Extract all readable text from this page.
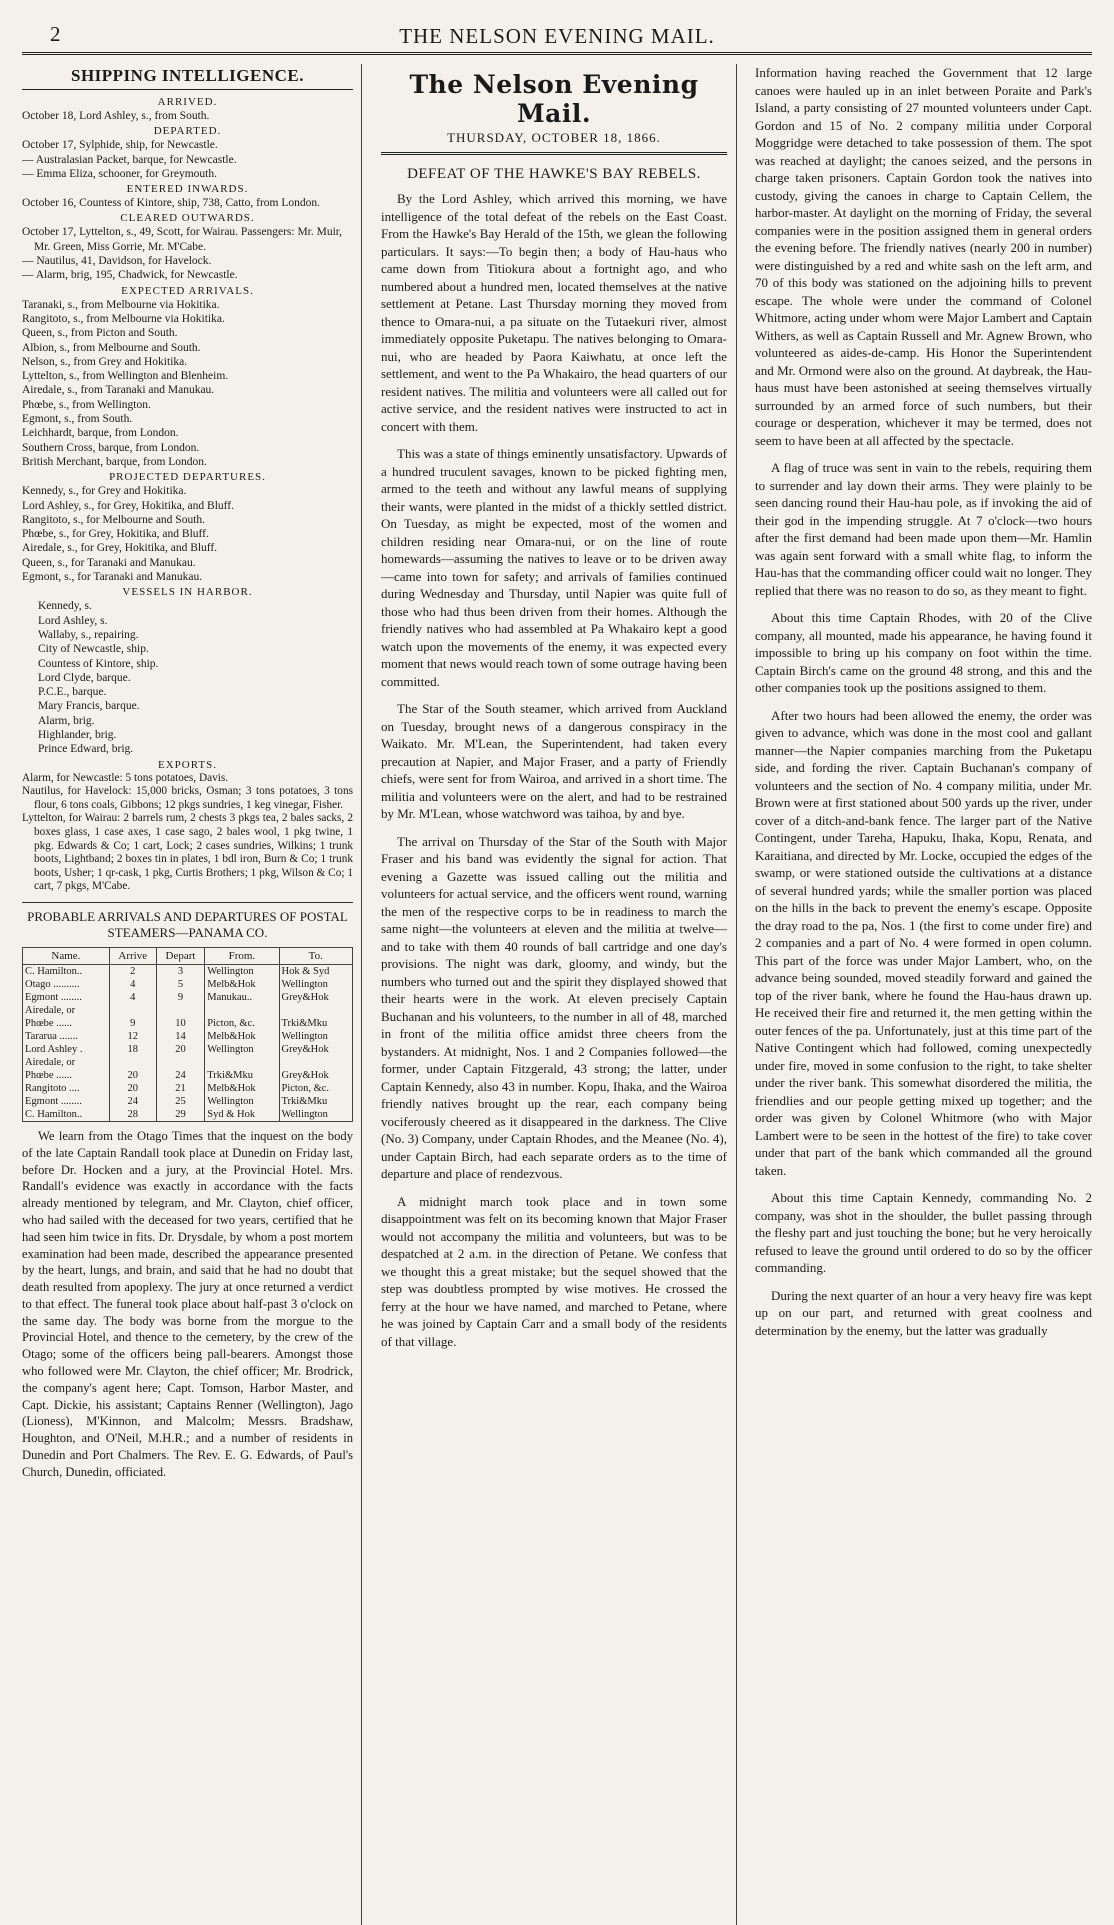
2	THE NELSON EVENING MAIL.
SHIPPING INTELLIGENCE.
ARRIVED.
October 18, Lord Ashley, s., from South.
DEPARTED.
October 17, Sylphide, ship, for Newcastle.
— Australasian Packet, barque, for Newcastle.
— Emma Eliza, schooner, for Greymouth.
ENTERED INWARDS.
October 16, Countess of Kintore, ship, 738, Catto, from London.
CLEARED OUTWARDS.
October 17, Lyttelton, s., 49, Scott, for Wairau. Passengers: Mr. Muir, Mr. Green, Miss Gorrie, Mr. M'Cabe.
— Nautilus, 41, Davidson, for Havelock.
— Alarm, brig, 195, Chadwick, for Newcastle.
EXPECTED ARRIVALS.
Taranaki, s., from Melbourne via Hokitika.
Rangitoto, s., from Melbourne via Hokitika.
Queen, s., from Picton and South.
Albion, s., from Melbourne and South.
Nelson, s., from Grey and Hokitika.
Lyttelton, s., from Wellington and Blenheim.
Airedale, s., from Taranaki and Manukau.
Phœbe, s., from Wellington.
Egmont, s., from South.
Leichhardt, barque, from London.
Southern Cross, barque, from London.
British Merchant, barque, from London.
PROJECTED DEPARTURES.
Kennedy, s., for Grey and Hokitika.
Lord Ashley, s., for Grey, Hokitika, and Bluff.
Rangitoto, s., for Melbourne and South.
Phœbe, s., for Grey, Hokitika, and Bluff.
Airedale, s., for Grey, Hokitika, and Bluff.
Queen, s., for Taranaki and Manukau.
Egmont, s., for Taranaki and Manukau.
VESSELS IN HARBOR.
Kennedy, s.
Lord Ashley, s.
Wallaby, s., repairing.
City of Newcastle, ship.
Countess of Kintore, ship.
Lord Clyde, barque.
P.C.E., barque.
Mary Francis, barque.
Alarm, brig.
Highlander, brig.
Prince Edward, brig.
EXPORTS.

Alarm, for Newcastle: 5 tons potatoes, Davis.

Nautilus, for Havelock: 15,000 bricks, Osman; 3 tons potatoes, 3 tons flour, 6 tons coals, Gibbons; 12 pkgs sundries, 1 keg vinegar, Fisher.

Lyttelton, for Wairau: 2 barrels rum, 2 chests 3 pkgs tea, 2 bales sacks, 2 boxes glass, 1 case axes, 1 case sago, 2 bales wool, 1 pkg twine, 1 pkg. Edwards & Co; 1 cart, Lock; 2 cases sundries, Wilkins; 1 trunk boots, Lightband; 2 boxes tin in plates, 1 bdl iron, Burn & Co; 1 trunk boots, Usher; 1 qr-cask, 1 pkg, Curtis Brothers; 1 pkg, Wilson & Co; 1 cart, 7 pkgs, M'Cabe.

PROBABLE ARRIVALS AND DEPARTURES OF POSTAL STEAMERS—PANAMA CO.
Name.	Arrive	Depart	From.	To.
C. Hamilton..	2	3	Wellington	Hok & Syd
Otago ..........	4	5	Melb&Hok	Wellington
Egmont ........	4	9	Manukau..	Grey&Hok
Airedale, or				
Phœbe ......	9	10	Picton, &c.	Trki&Mku
Tararua .......	12	14	Melb&Hok	Wellington
Lord Ashley .	18	20	Wellington	Grey&Hok
Airedale, or				
Phœbe ......	20	24	Trki&Mku	Grey&Hok
Rangitoto ....	20	21	Melb&Hok	Picton, &c.
Egmont ........	24	25	Wellington	Trki&Mku
C. Hamilton..	28	29	Syd & Hok	Wellington

We learn from the Otago Times that the inquest on the body of the late Captain Randall took place at Dunedin on Friday last, before Dr. Hocken and a jury, at the Provincial Hotel. Mrs. Randall's evidence was exactly in accordance with the facts already mentioned by telegram, and Mr. Clayton, chief officer, who had sailed with the deceased for two years, certified that he had seen him twice in fits. Dr. Drysdale, by whom a post mortem examination had been made, described the appearance presented by the heart, lungs, and brain, and said that he had no doubt that death resulted from apoplexy. The jury at once returned a verdict to that effect. The funeral took place about half-past 3 o'clock on the same day. The body was borne from the morgue to the Provincial Hotel, and thence to the cemetery, by the crew of the Otago; some of the officers being pall-bearers. Amongst those who followed were Mr. Clayton, the chief officer; Mr. Brodrick, the company's agent here; Capt. Tomson, Harbor Master, and Capt. Dickie, his assistant; Captains Renner (Wellington), Jago (Lioness), M'Kinnon, and Malcolm; Messrs. Bradshaw, Houghton, and O'Neil, M.H.R.; and a number of residents in Dunedin and Port Chalmers. The Rev. E. G. Edwards, of Paul's Church, Dunedin, officiated.

The Nelson Evening Mail.
THURSDAY, OCTOBER 18, 1866.
DEFEAT OF THE HAWKE'S BAY REBELS.

By the Lord Ashley, which arrived this morning, we have intelligence of the total defeat of the rebels on the East Coast. From the Hawke's Bay Herald of the 15th, we glean the following particulars. It says:—To begin then; a body of Hau-haus who came down from Titiokura about a fortnight ago, and who numbered about a hundred men, located themselves at the native settlement at Petane. Last Thursday morning they moved from thence to Omara-nui, a pa situate on the Tutaekuri river, almost immediately opposite Puketapu. The natives belonging to Omara-nui, who are headed by Paora Kaiwhatu, at once left the settlement, and went to the Pa Whakairo, the head quarters of our resident natives. The militia and volunteers were all called out for active service, and the resident natives were instructed to act in concert with them.

This was a state of things eminently unsatisfactory. Upwards of a hundred truculent savages, known to be picked fighting men, armed to the teeth and without any lawful means of supplying their wants, were planted in the midst of a thickly settled district. On Tuesday, as might be expected, most of the women and children residing near Omara-nui, or on the line of route homewards—assuming the natives to leave or to be driven away—came into town for safety; and arrivals of families continued during Wednesday and Thursday, until Napier was quite full of those who had thus been driven from their homes. Although the friendly natives who had assembled at Pa Whakairo kept a good watch upon the movements of the enemy, it was expected every moment that news would reach town of some outrage having been committed.

The Star of the South steamer, which arrived from Auckland on Tuesday, brought news of a dangerous conspiracy in the Waikato. Mr. M'Lean, the Superintendent, had taken every precaution at Napier, and Major Fraser, and a party of Friendly chiefs, were sent for from Wairoa, and arrived in a short time. The militia and volunteers were on the alert, and had to be restrained by Mr. M'Lean, whose watchword was taihoa, by and bye.

The arrival on Thursday of the Star of the South with Major Fraser and his band was evidently the signal for action. That evening a Gazette was issued calling out the militia and volunteers for actual service, and the officers went round, warning the men of the respective corps to be in readiness to march the same night—the volunteers at eleven and the militia at twelve—and to take with them 40 rounds of ball cartridge and one day's provisions. The night was dark, gloomy, and windy, but the numbers who turned out and the spirit they displayed showed that their hearts were in the work. At eleven precisely Captain Buchanan and his volunteers, to the number in all of 48, marched in front of the militia office amidst three cheers from the bystanders. At midnight, Nos. 1 and 2 Companies followed—the former, under Captain Fitzgerald, 43 strong; the latter, under Captain Kennedy, also 43 in number. Kopu, Ihaka, and the Wairoa friendly natives brought up the rear, each company being vociferously cheered as it disappeared in the darkness. The Clive (No. 3) Company, under Captain Rhodes, and the Meanee (No. 4), under Captain Birch, had each separate orders as to the time of departure and place of rendezvous.

A midnight march took place and in town some disappointment was felt on its becoming known that Major Fraser would not accompany the militia and volunteers, but was to be despatched at 2 a.m. in the direction of Petane. We confess that we thought this a great mistake; but the sequel showed that the step was doubtless prompted by wise motives. He crossed the ferry at the hour we have named, and marched to Petane, where he was joined by Captain Carr and a small body of the residents of that village.

Information having reached the Government that 12 large canoes were hauled up in an inlet between Poraite and Park's Island, a party consisting of 27 mounted volunteers under Capt. Gordon and 15 of No. 2 company militia under Corporal Moggridge were detached to take possession of them. The spot was reached at daylight; the canoes seized, and the persons in charge taken prisoners. Captain Gordon took the natives into custody, giving the canoes in charge to Captain Cellem, the harbor-master. At daylight on the morning of Friday, the several companies were in the position assigned them in general orders the evening before. The friendly natives (nearly 200 in number) were distinguished by a red and white sash on the left arm, and 70 of this body was stationed on the adjoining hills to prevent escape. The whole were under the command of Colonel Whitmore, acting under whom were Major Lambert and Captain Withers, as well as Captain Russell and Mr. Agnew Brown, who volunteered as aides-de-camp. His Honor the Superintendent and Mr. Ormond were also on the ground. At daybreak, the Hau-haus must have been astonished at seeing themselves virtually surrounded by an armed force of such numbers, but their courage or desperation, whichever it may be termed, does not seem to have been at all affected by the spectacle.

A flag of truce was sent in vain to the rebels, requiring them to surrender and lay down their arms. They were plainly to be seen dancing round their Hau-hau pole, as if invoking the aid of their god in the impending struggle. At 7 o'clock—two hours after the first demand had been made upon them—Mr. Hamlin was again sent forward with a small white flag, to inform the Hau-has that the commanding officer could wait no longer. They replied that there was no reason to do so, as they meant to fight.

About this time Captain Rhodes, with 20 of the Clive company, all mounted, made his appearance, he having found it impossible to bring up his company on foot within the time. Captain Birch's came on the ground 48 strong, and this and the other companies took up the positions assigned to them.

After two hours had been allowed the enemy, the order was given to advance, which was done in the most cool and gallant manner—the Napier companies marching from the Puketapu side, and fording the river. Captain Buchanan's company of volunteers and the section of No. 4 company militia, under Mr. Brown were at first stationed about 500 yards up the river, under cover of a ditch-and-bank fence. The larger part of the Native Contingent, under Tareha, Hapuku, Ihaka, Kopu, Renata, and Karaitiana, and directed by Mr. Locke, occupied the edges of the swamp, or were stationed outside the cultivations at a distance of several hundred yards; while the smaller portion was placed on the hills in the back to prevent the enemy's escape. Opposite the dray road to the pa, Nos. 1 (the first to come under fire) and 2 companies and a part of No. 4 were formed in open column. This part of the force was under Major Lambert, who, on the advance being sounded, moved steadily forward and gained the top of the river bank, where he found the Hau-haus drawn up. He received their fire and returned it, the men getting within the outer fences of the pa. Unfortunately, just at this time part of the Native Contingent which had followed, coming unexpectedly under fire, moved in some confusion to the right, to take shelter under the river bank. This somewhat disordered the militia, the friendlies and our people getting mixed up together; and the order was given by Colonel Whitmore (who with Major Lambert were to be seen in the hottest of the fire) to take cover under that part of the bank which commanded all the ground taken.

About this time Captain Kennedy, commanding No. 2 company, was shot in the shoulder, the bullet passing through the fleshy part and just touching the bone; but he very heroically refused to leave the ground until ordered to do so by the officer commanding.

During the next quarter of an hour a very heavy fire was kept up on our part, and returned with great coolness and determination by the enemy, but the latter was gradually
